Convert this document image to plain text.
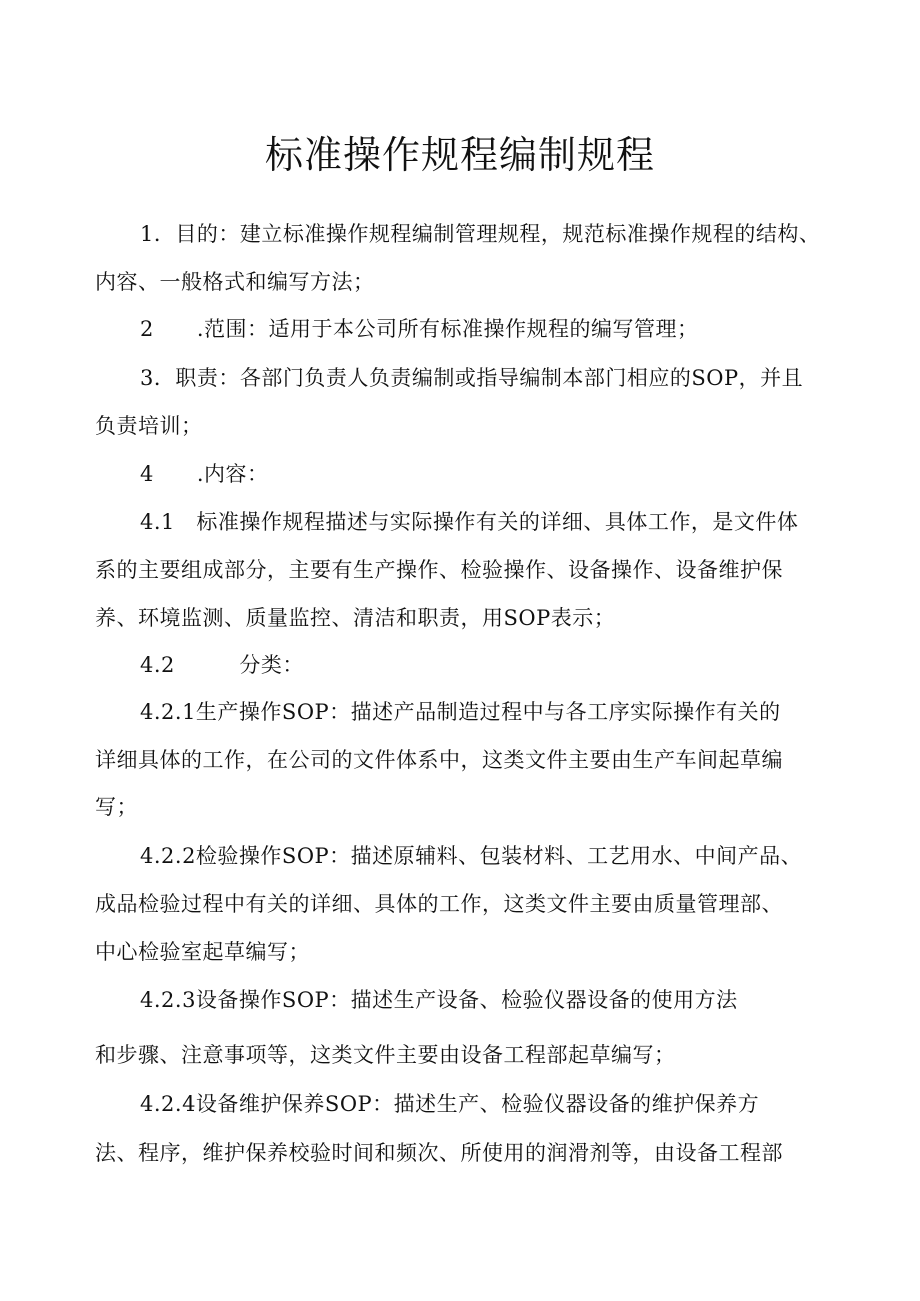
标准操作规程编制规程
1．目的：建立标准操作规程编制管理规程，规范标准操作规程的结构、
内容、一般格式和编写方法；
2　　.范围：适用于本公司所有标准操作规程的编写管理；
3．职责：各部门负责人负责编制或指导编制本部门相应的SOP，并且
负责培训；
4　　.内容：
4.1　标准操作规程描述与实际操作有关的详细、具体工作，是文件体
系的主要组成部分，主要有生产操作、检验操作、设备操作、设备维护保
养、环境监测、质量监控、清洁和职责，用SOP表示；
4.2　　　分类：
4.2.1生产操作SOP：描述产品制造过程中与各工序实际操作有关的
详细具体的工作，在公司的文件体系中，这类文件主要由生产车间起草编
写；
4.2.2检验操作SOP：描述原辅料、包装材料、工艺用水、中间产品、
成品检验过程中有关的详细、具体的工作，这类文件主要由质量管理部、
中心检验室起草编写；
4.2.3设备操作SOP：描述生产设备、检验仪器设备的使用方法
和步骤、注意事项等，这类文件主要由设备工程部起草编写；
4.2.4设备维护保养SOP：描述生产、检验仪器设备的维护保养方
法、程序，维护保养校验时间和频次、所使用的润滑剂等，由设备工程部
